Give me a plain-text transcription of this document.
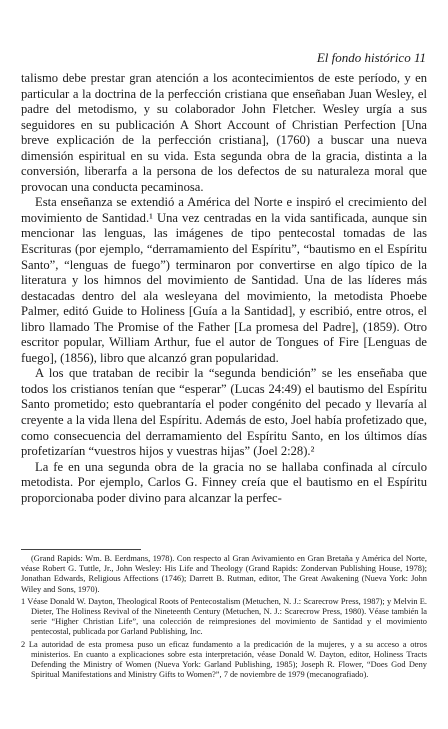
El fondo histórico 11

talismo debe prestar gran atención a los acontecimientos de este período, y en particular a la doctrina de la perfección cristiana que enseñaban Juan Wesley, el padre del metodismo, y su colaborador John Fletcher. Wesley urgía a sus seguidores en su publicación A Short Account of Christian Perfection [Una breve explicación de la perfección cristiana], (1760) a buscar una nueva dimensión espiritual en su vida. Esta segunda obra de la gracia, distinta a la conversión, liberarfa a la persona de los defectos de su naturaleza moral que provocan una conducta pecaminosa.

Esta enseñanza se extendió a América del Norte e inspiró el crecimiento del movimiento de Santidad.¹ Una vez centradas en la vida santificada, aunque sin mencionar las lenguas, las imágenes de tipo pentecostal tomadas de las Escrituras (por ejemplo, “derramamiento del Espíritu”, “bautismo en el Espíritu Santo”, “lenguas de fuego”) terminaron por convertirse en algo típico de la literatura y los himnos del movimiento de Santidad. Una de las líderes más destacadas dentro del ala wesleyana del movimiento, la metodista Phoebe Palmer, editó Guide to Holiness [Guía a la Santidad], y escribió, entre otros, el libro llamado The Promise of the Father [La promesa del Padre], (1859). Otro escritor popular, William Arthur, fue el autor de Tongues of Fire [Lenguas de fuego], (1856), libro que alcanzó gran popularidad.

A los que trataban de recibir la “segunda bendición” se les enseñaba que todos los cristianos tenían que “esperar” (Lucas 24:49) el bautismo del Espíritu Santo prometido; esto quebrantaría el poder congénito del pecado y llevaría al creyente a la vida llena del Espíritu. Además de esto, Joel había profetizado que, como consecuencia del derramamiento del Espíritu Santo, en los últimos días profetizarían “vuestros hijos y vuestras hijas” (Joel 2:28).²

La fe en una segunda obra de la gracia no se hallaba confinada al círculo metodista. Por ejemplo, Carlos G. Finney creía que el bautismo en el Espíritu proporcionaba poder divino para alcanzar la perfec-

(Grand Rapids: Wm. B. Eerdmans, 1978). Con respecto al Gran Avivamiento en Gran Bretaña y América del Norte, véase Robert G. Tuttle, Jr., John Wesley: His Life and Theology (Grand Rapids: Zondervan Publishing House, 1978); Jonathan Edwards, Religious Affections (1746); Darrett B. Rutman, editor, The Great Awakening (Nueva York: John Wiley and Sons, 1970).

1 Véase Donald W. Dayton, Theological Roots of Pentecostalism (Metuchen, N. J.: Scarecrow Press, 1987); y Melvin E. Dieter, The Holiness Revival of the Nineteenth Century (Metuchen, N. J.: Scarecrow Press, 1980). Véase también la serie “Higher Christian Life”, una colección de reimpresiones del movimiento de Santidad y el movimiento pentecostal, publicada por Garland Publishing, Inc.

2 La autoridad de esta promesa puso un eficaz fundamento a la predicación de la mujeres, y a su acceso a otros ministerios. En cuanto a explicaciones sobre esta interpretación, véase Donald W. Dayton, editor, Holiness Tracts Defending the Ministry of Women (Nueva York: Garland Publishing, 1985); Joseph R. Flower, “Does God Deny Spiritual Manifestations and Ministry Gifts to Women?”, 7 de noviembre de 1979 (mecanografiado).
